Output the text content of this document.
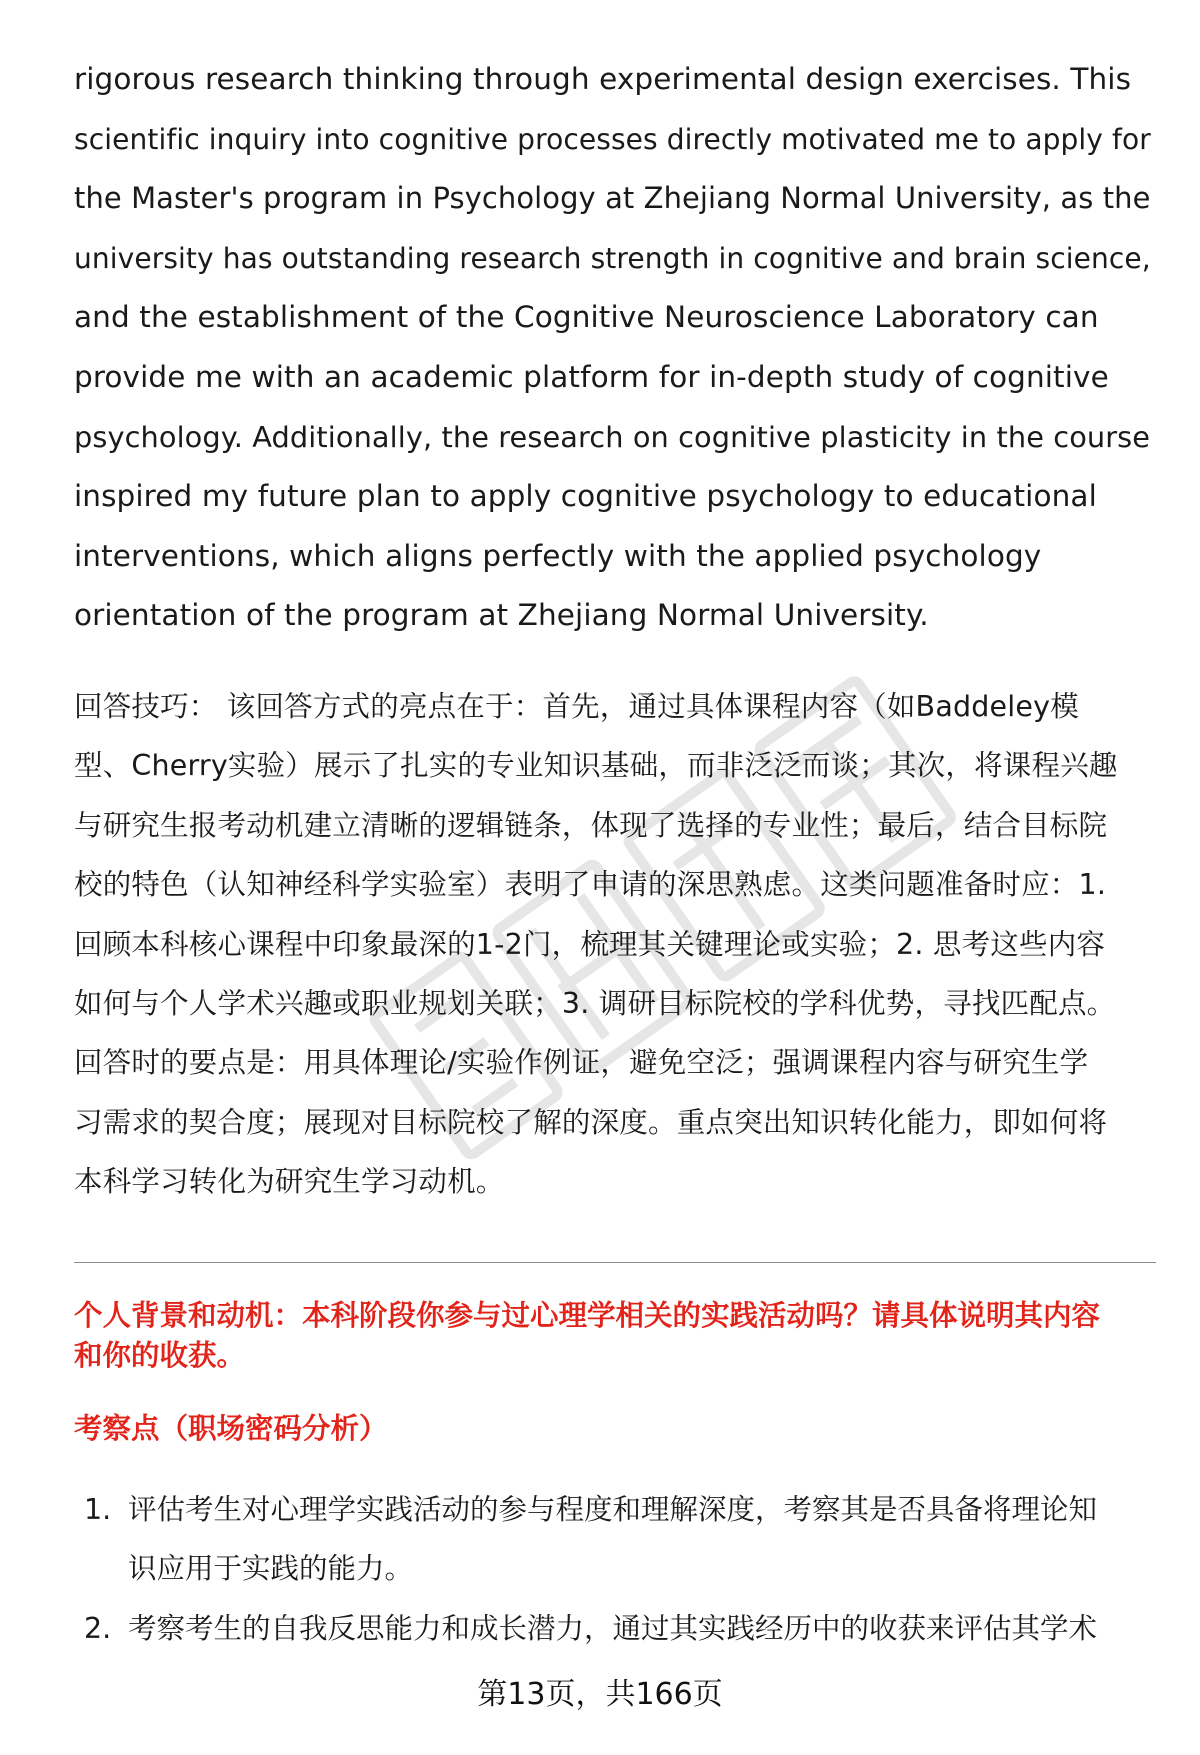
rigorous research thinking through experimental design exercises. This
scientific inquiry into cognitive processes directly motivated me to apply for
the Master's program in Psychology at Zhejiang Normal University, as the
university has outstanding research strength in cognitive and brain science,
and the establishment of the Cognitive Neuroscience Laboratory can
provide me with an academic platform for in-depth study of cognitive
psychology. Additionally, the research on cognitive plasticity in the course
inspired my future plan to apply cognitive psychology to educational
interventions, which aligns perfectly with the applied psychology
orientation of the program at Zhejiang Normal University.
回答技巧： 该回答方式的亮点在于：首先，通过具体课程内容（如Baddeley模
型、Cherry实验）展示了扎实的专业知识基础，而非泛泛而谈；其次，将课程兴趣
与研究生报考动机建立清晰的逻辑链条，体现了选择的专业性；最后，结合目标院
校的特色（认知神经科学实验室）表明了申请的深思熟虑。这类问题准备时应：1.
回顾本科核心课程中印象最深的1-2门，梳理其关键理论或实验；2. 思考这些内容
如何与个人学术兴趣或职业规划关联；3. 调研目标院校的学科优势，寻找匹配点。
回答时的要点是：用具体理论/实验作例证，避免空泛；强调课程内容与研究生学
习需求的契合度；展现对目标院校了解的深度。重点突出知识转化能力，即如何将
本科学习转化为研究生学习动机。
个人背景和动机：本科阶段你参与过心理学相关的实践活动吗？请具体说明其内容
和你的收获。
考察点（职场密码分析）
1. 评估考生对心理学实践活动的参与程度和理解深度，考察其是否具备将理论知
识应用于实践的能力。
2. 考察考生的自我反思能力和成长潜力，通过其实践经历中的收获来评估其学术
第13页，共166页
